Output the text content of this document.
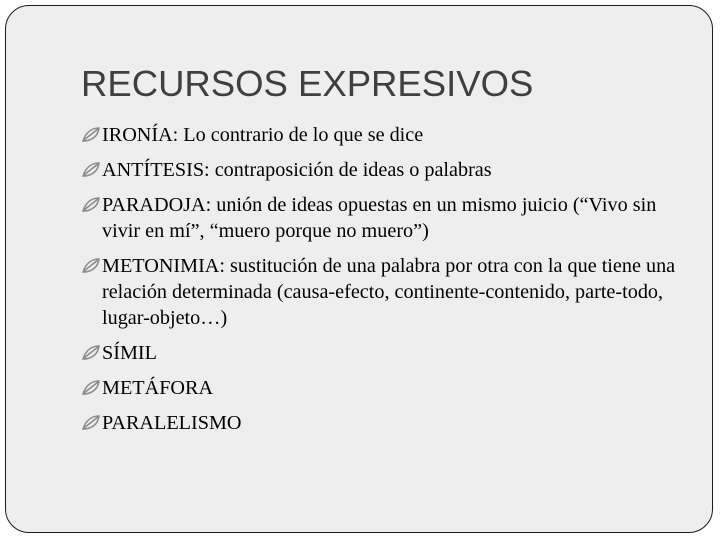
RECURSOS EXPRESIVOS
IRONÍA: Lo contrario de lo que se dice
ANTÍTESIS: contraposición de ideas o palabras
PARADOJA: unión de ideas opuestas en un mismo juicio (“Vivo sin vivir en mí”, “muero porque no muero”)
METONIMIA: sustitución de una palabra por otra con la que tiene una relación determinada (causa-efecto, continente-contenido, parte-todo, lugar-objeto…)
SÍMIL
METÁFORA
PARALELISMO
